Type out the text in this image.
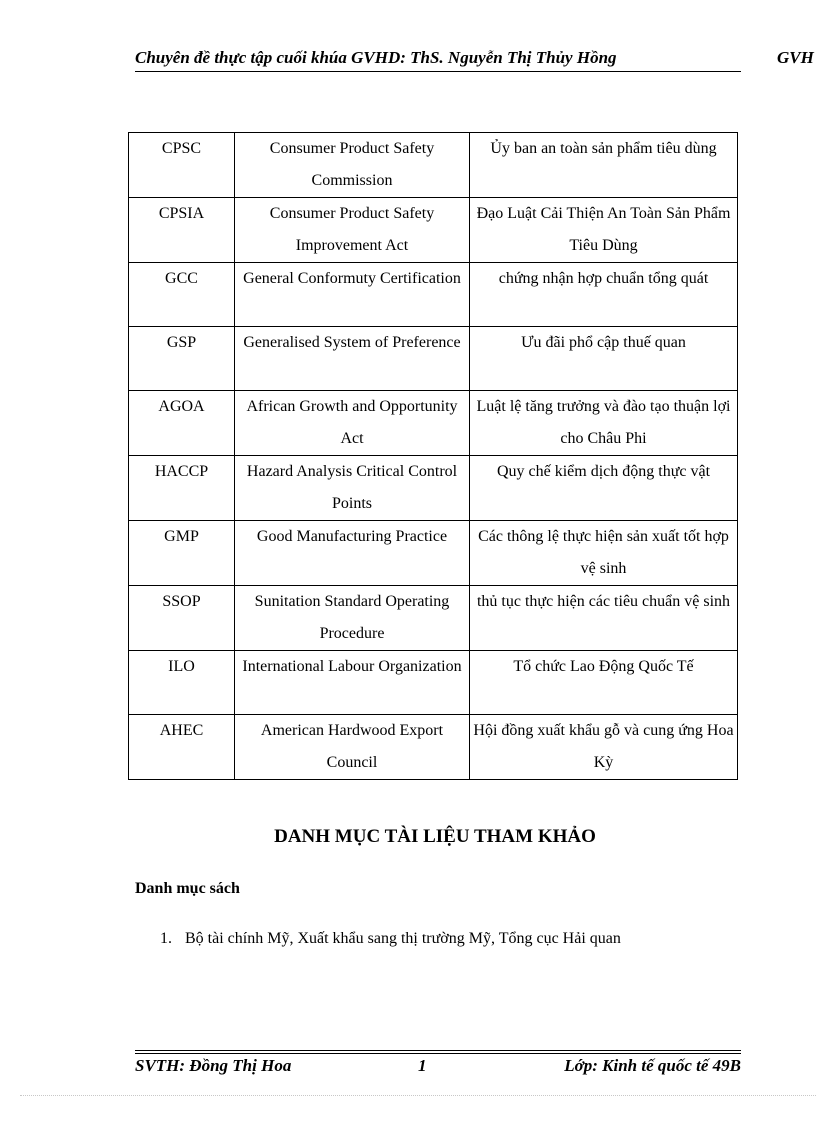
Chuyên đề thực tập cuối khúa GVHD: ThS. Nguyễn Thị Thủy Hồng	GVH
CPSC	Consumer Product Safety Commission	Ủy ban an toàn sản phẩm tiêu dùng
CPSIA	Consumer Product Safety Improvement Act	Đạo Luật Cải Thiện An Toàn Sản Phẩm Tiêu Dùng
GCC	General Conformuty Certification	chứng nhận hợp chuẩn tổng quát
GSP	Generalised System of Preference	Ưu đãi phổ cập thuế quan
AGOA	African Growth and Opportunity Act	Luật lệ tăng trưởng và đào tạo thuận lợi cho Châu Phi
HACCP	Hazard Analysis Critical Control Points	Quy chế kiểm dịch động thực vật
GMP	Good Manufacturing Practice	Các thông lệ thực hiện sản xuất tốt hợp vệ sinh
SSOP	Sunitation Standard Operating Procedure	thủ tục thực hiện các tiêu chuẩn vệ sinh
ILO	International Labour Organization	Tổ chức Lao Động Quốc Tế
AHEC	American Hardwood Export Council	Hội đồng xuất khẩu gỗ và cung ứng Hoa Kỳ
DANH MỤC TÀI LIỆU THAM KHẢO
Danh mục sách
1. Bộ tài chính Mỹ, Xuất khẩu sang thị trường Mỹ, Tổng cục Hải quan
SVTH: Đồng Thị Hoa	1	Lớp: Kinh tế quốc tế 49B
